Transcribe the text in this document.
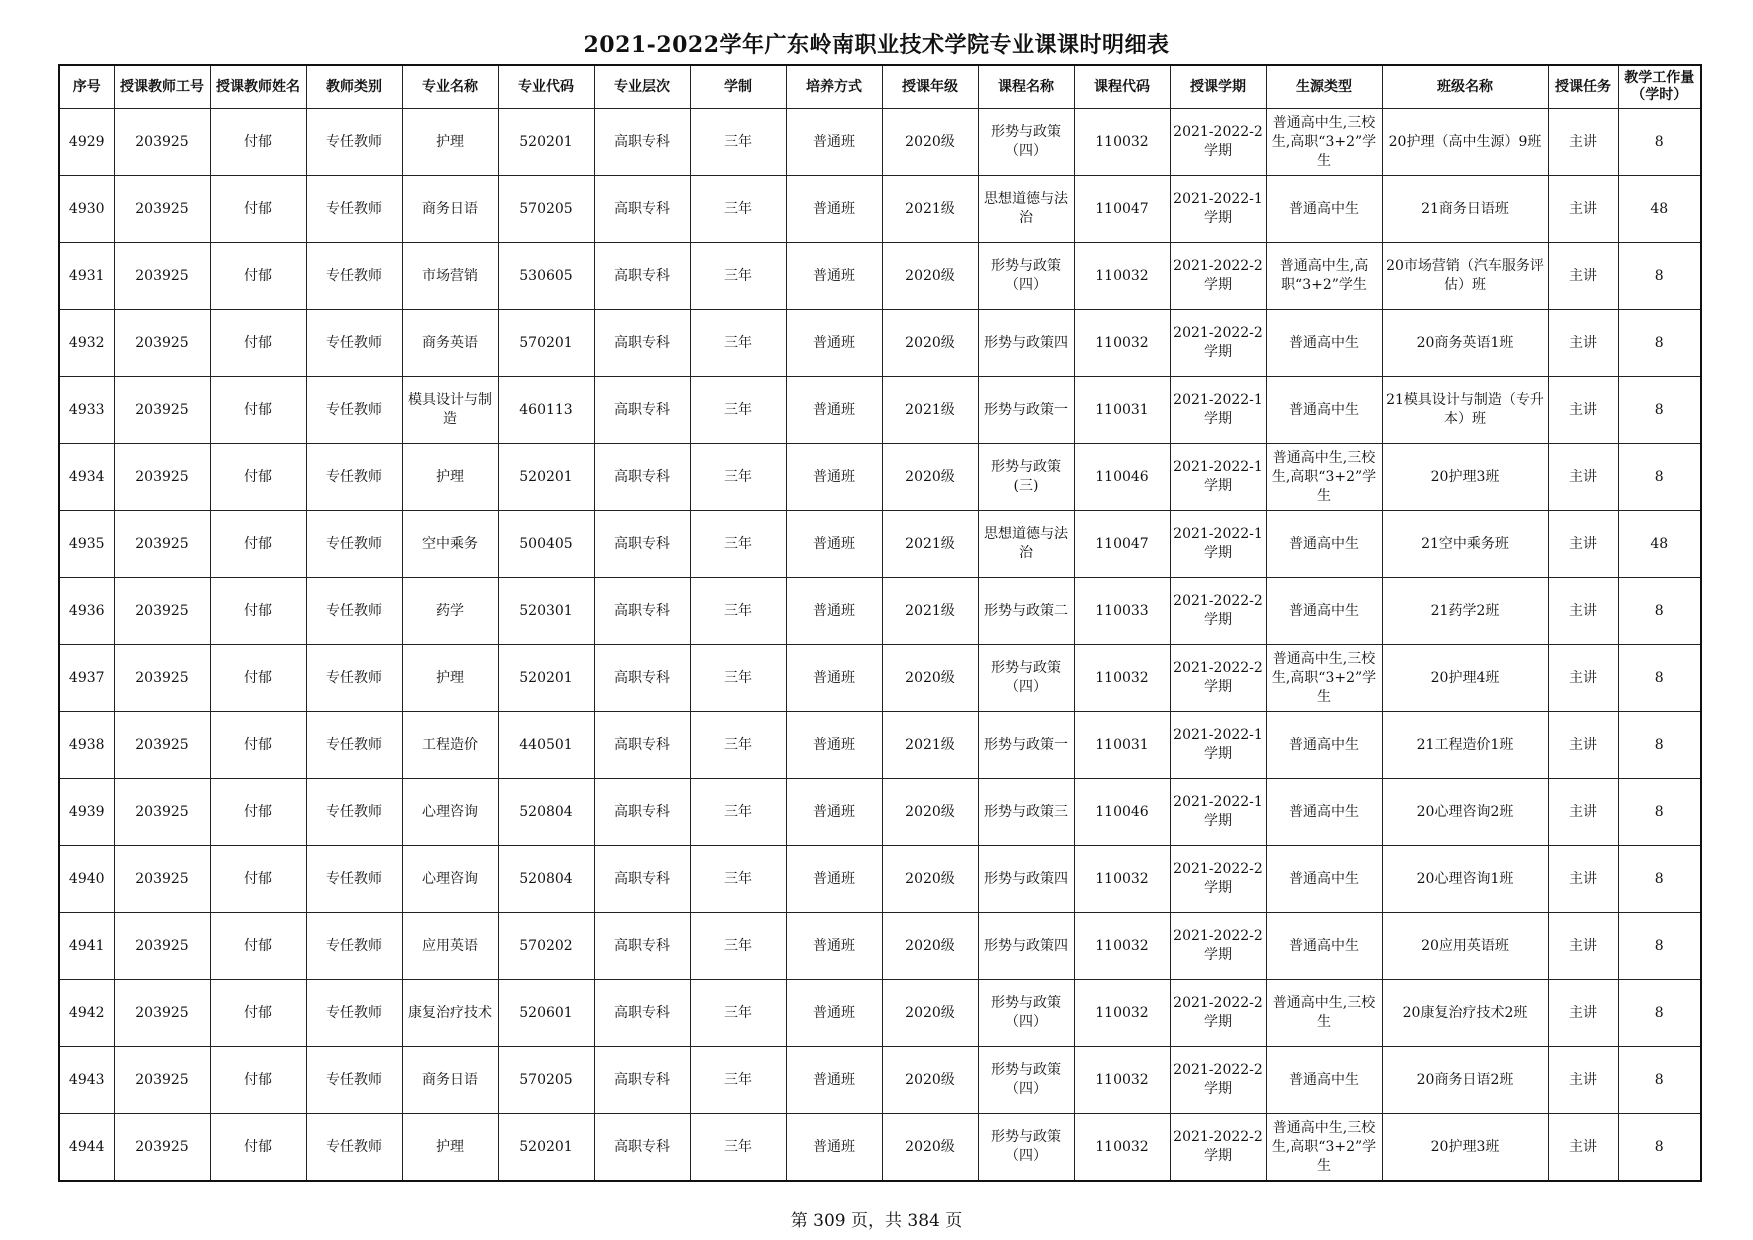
2021-2022学年广东岭南职业技术学院专业课课时明细表
序号	授课教师工号	授课教师姓名	教师类别	专业名称	专业代码	专业层次	学制	培养方式	授课年级	课程名称	课程代码	授课学期	生源类型	班级名称	授课任务	教学工作量（学时）
4929	203925	付郁	专任教师	护理	520201	高职专科	三年	普通班	2020级	形势与政策（四）	110032	2021-2022-2学期	普通高中生,三校生,高职“3+2”学生	20护理（高中生源）9班	主讲	8
4930	203925	付郁	专任教师	商务日语	570205	高职专科	三年	普通班	2021级	思想道德与法治	110047	2021-2022-1学期	普通高中生	21商务日语班	主讲	48
4931	203925	付郁	专任教师	市场营销	530605	高职专科	三年	普通班	2020级	形势与政策（四）	110032	2021-2022-2学期	普通高中生,高职“3+2”学生	20市场营销（汽车服务评估）班	主讲	8
4932	203925	付郁	专任教师	商务英语	570201	高职专科	三年	普通班	2020级	形势与政策四	110032	2021-2022-2学期	普通高中生	20商务英语1班	主讲	8
4933	203925	付郁	专任教师	模具设计与制造	460113	高职专科	三年	普通班	2021级	形势与政策一	110031	2021-2022-1学期	普通高中生	21模具设计与制造（专升本）班	主讲	8
4934	203925	付郁	专任教师	护理	520201	高职专科	三年	普通班	2020级	形势与政策(三)	110046	2021-2022-1学期	普通高中生,三校生,高职“3+2”学生	20护理3班	主讲	8
4935	203925	付郁	专任教师	空中乘务	500405	高职专科	三年	普通班	2021级	思想道德与法治	110047	2021-2022-1学期	普通高中生	21空中乘务班	主讲	48
4936	203925	付郁	专任教师	药学	520301	高职专科	三年	普通班	2021级	形势与政策二	110033	2021-2022-2学期	普通高中生	21药学2班	主讲	8
4937	203925	付郁	专任教师	护理	520201	高职专科	三年	普通班	2020级	形势与政策（四）	110032	2021-2022-2学期	普通高中生,三校生,高职“3+2”学生	20护理4班	主讲	8
4938	203925	付郁	专任教师	工程造价	440501	高职专科	三年	普通班	2021级	形势与政策一	110031	2021-2022-1学期	普通高中生	21工程造价1班	主讲	8
4939	203925	付郁	专任教师	心理咨询	520804	高职专科	三年	普通班	2020级	形势与政策三	110046	2021-2022-1学期	普通高中生	20心理咨询2班	主讲	8
4940	203925	付郁	专任教师	心理咨询	520804	高职专科	三年	普通班	2020级	形势与政策四	110032	2021-2022-2学期	普通高中生	20心理咨询1班	主讲	8
4941	203925	付郁	专任教师	应用英语	570202	高职专科	三年	普通班	2020级	形势与政策四	110032	2021-2022-2学期	普通高中生	20应用英语班	主讲	8
4942	203925	付郁	专任教师	康复治疗技术	520601	高职专科	三年	普通班	2020级	形势与政策（四）	110032	2021-2022-2学期	普通高中生,三校生	20康复治疗技术2班	主讲	8
4943	203925	付郁	专任教师	商务日语	570205	高职专科	三年	普通班	2020级	形势与政策（四）	110032	2021-2022-2学期	普通高中生	20商务日语2班	主讲	8
4944	203925	付郁	专任教师	护理	520201	高职专科	三年	普通班	2020级	形势与政策（四）	110032	2021-2022-2学期	普通高中生,三校生,高职“3+2”学生	20护理3班	主讲	8
第 309 页，共 384 页
